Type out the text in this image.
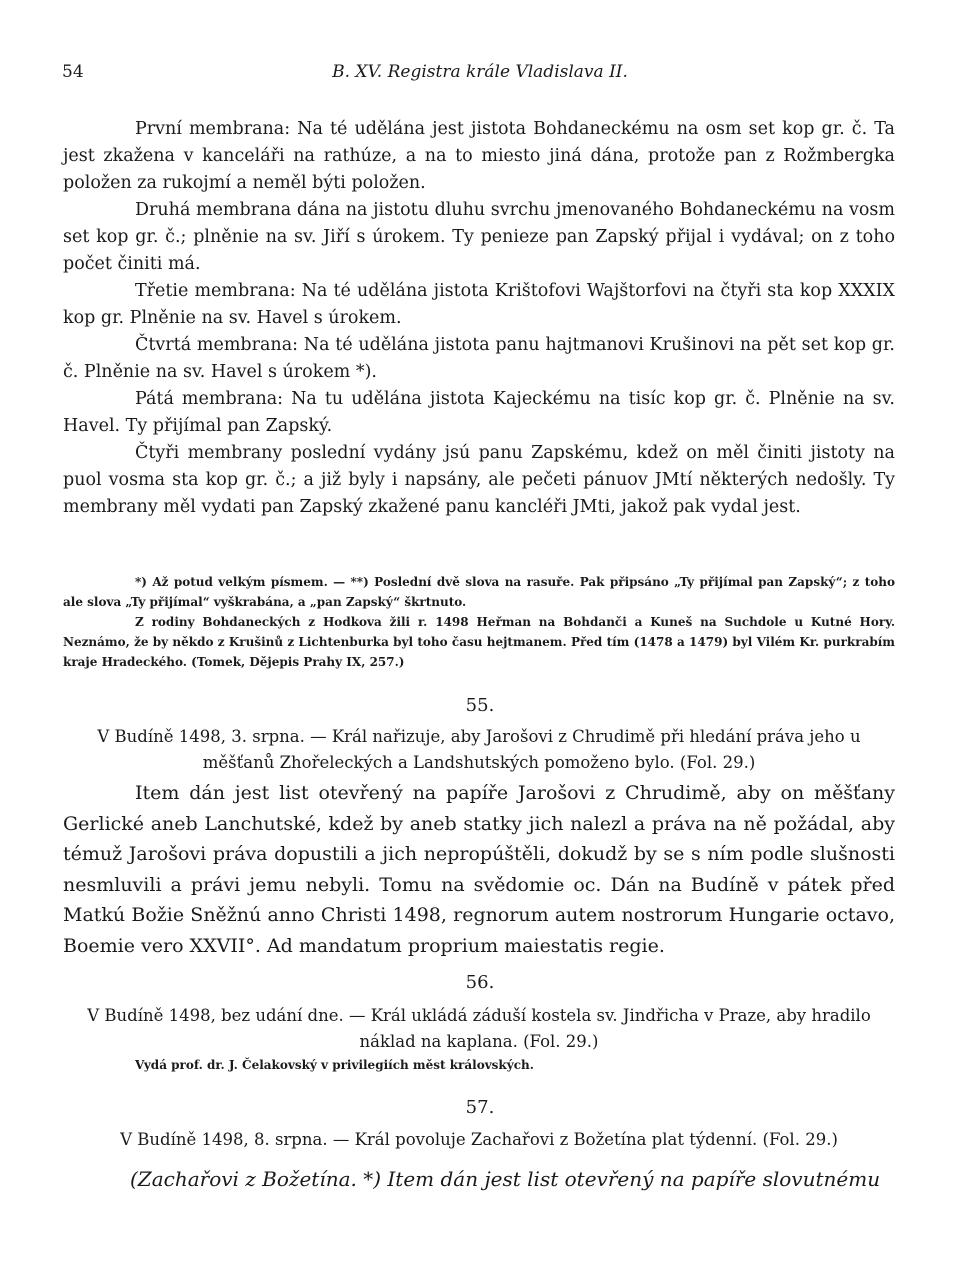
54	B. XV. Registra krále Vladislava II.

První membrana: Na té udělána jest jistota Bohdaneckému na osm set kop gr. č. Ta jest zkažena v kanceláři na rathúze, a na to miesto jiná dána, protože pan z Rožmbergka položen za rukojmí a neměl býti položen.

Druhá membrana dána na jistotu dluhu svrchu jmenovaného Bohdaneckému na vosm set kop gr. č.; plněnie na sv. Jiří s úrokem. Ty penieze pan Zapský přijal i vydával; on z toho počet činiti má.

Třetie membrana: Na té udělána jistota Krištofovi Wajštorfovi na čtyři sta kop XXXIX kop gr. Plněnie na sv. Havel s úrokem.

Čtvrtá membrana: Na té udělána jistota panu hajtmanovi Krušinovi na pět set kop gr. č. Plněnie na sv. Havel s úrokem *).

Pátá membrana: Na tu udělána jistota Kajeckému na tisíc kop gr. č. Plněnie na sv. Havel. Ty přijímal pan Zapský.

Čtyři membrany poslední vydány jsú panu Zapskému, kdež on měl činiti jistoty na puol vosma sta kop gr. č.; a již byly i napsány, ale pečeti pánuov JMtí některých nedošly. Ty membrany měl vydati pan Zapský zkažené panu kancléři JMti, jakož pak vydal jest.

*) Až potud velkým písmem. — **) Poslední dvě slova na rasuře. Pak připsáno „Ty přijímal pan Zapský“; z toho ale slova „Ty přijímal“ vyškrabána, a „pan Zapský“ škrtnuto.

Z rodiny Bohdaneckých z Hodkova žili r. 1498 Heřman na Bohdanči a Kuneš na Suchdole u Kutné Hory. Neznámo, že by někdo z Krušinů z Lichtenburka byl toho času hejtmanem. Před tím (1478 a 1479) byl Vilém Kr. purkrabím kraje Hradeckého. (Tomek, Dějepis Prahy IX, 257.)

55.
V Budíně 1498, 3. srpna. — Král nařizuje, aby Jarošovi z Chrudimě při hledání práva jeho u měšťanů Zhořeleckých a Landshutských pomoženo bylo. (Fol. 29.)

Item dán jest list otevřený na papíře Jarošovi z Chrudimě, aby on měšťany Gerlické aneb Lanchutské, kdež by aneb statky jich nalezl a práva na ně požádal, aby témuž Jarošovi práva dopustili a jich nepropúštěli, dokudž by se s ním podle slušnosti nesmluvili a právi jemu nebyli. Tomu na svědomie oc. Dán na Budíně v pátek před Matkú Božie Sněžnú anno Christi 1498, regnorum autem nostrorum Hungarie octavo, Boemie vero XXVII°. Ad mandatum proprium maiestatis regie.

56.
V Budíně 1498, bez udání dne. — Král ukládá záduší kostela sv. Jindřicha v Praze, aby hradilo náklad na kaplana. (Fol. 29.)

Vydá prof. dr. J. Čelakovský v privilegiích měst královských.

57.
V Budíně 1498, 8. srpna. — Král povoluje Zachařovi z Božetína plat týdenní. (Fol. 29.)
(Zachařovi z Božetína. *) Item dán jest list otevřený na papíře slovutnému
